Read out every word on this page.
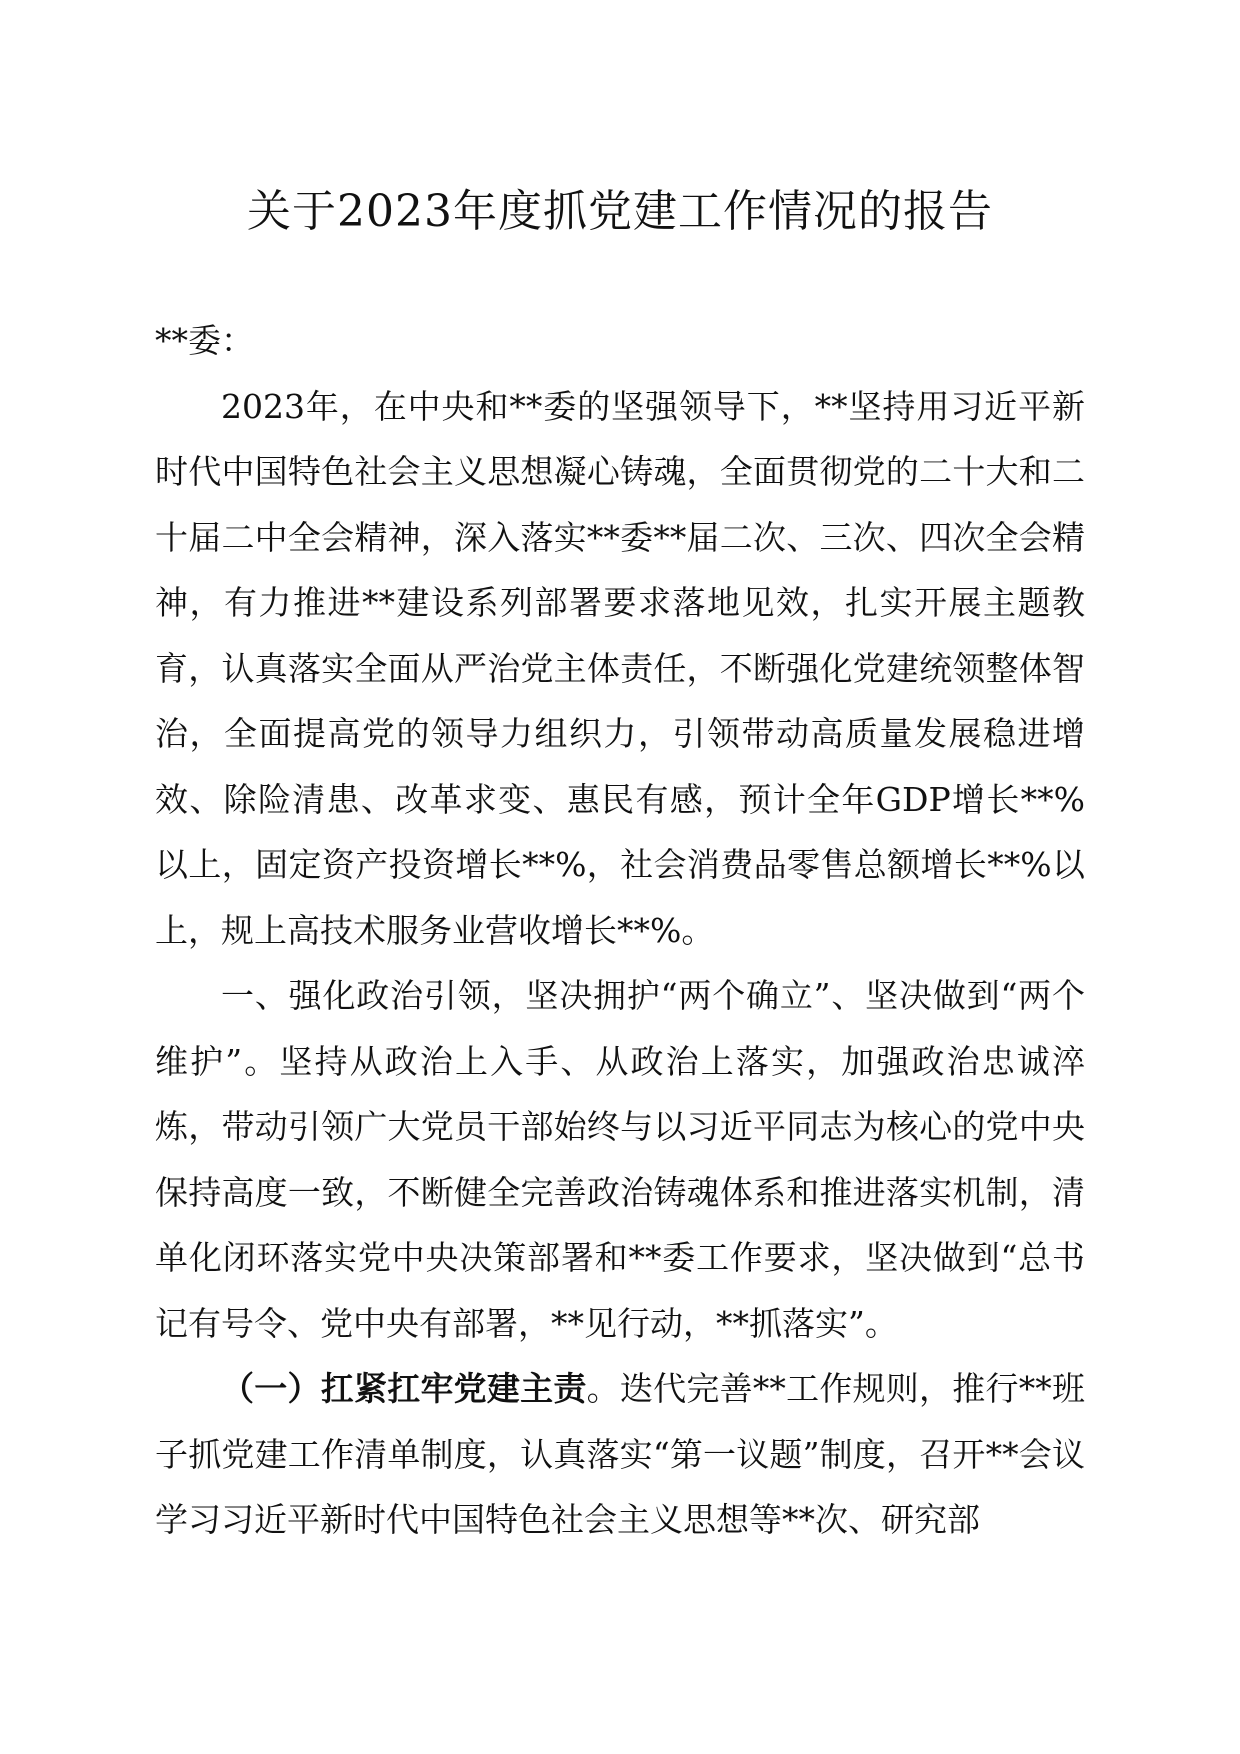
关于2023年度抓党建工作情况的报告

**委：

2023年，在中央和**委的坚强领导下，**坚持用习近平新时代中国特色社会主义思想凝心铸魂，全面贯彻党的二十大和二十届二中全会精神，深入落实**委**届二次、三次、四次全会精神，有力推进**建设系列部署要求落地见效，扎实开展主题教育，认真落实全面从严治党主体责任，不断强化党建统领整体智治，全面提高党的领导力组织力，引领带动高质量发展稳进增效、除险清患、改革求变、惠民有感，预计全年GDP增长**%以上，固定资产投资增长**%，社会消费品零售总额增长**%以上，规上高技术服务业营收增长**%。

一、强化政治引领，坚决拥护“两个确立”、坚决做到“两个维护”。坚持从政治上入手、从政治上落实，加强政治忠诚淬炼，带动引领广大党员干部始终与以习近平同志为核心的党中央保持高度一致，不断健全完善政治铸魂体系和推进落实机制，清单化闭环落实党中央决策部署和**委工作要求，坚决做到“总书记有号令、党中央有部署，**见行动，**抓落实”。

（一）扛紧扛牢党建主责。迭代完善**工作规则，推行**班子抓党建工作清单制度，认真落实“第一议题”制度，召开**会议学习习近平新时代中国特色社会主义思想等**次、研究部
